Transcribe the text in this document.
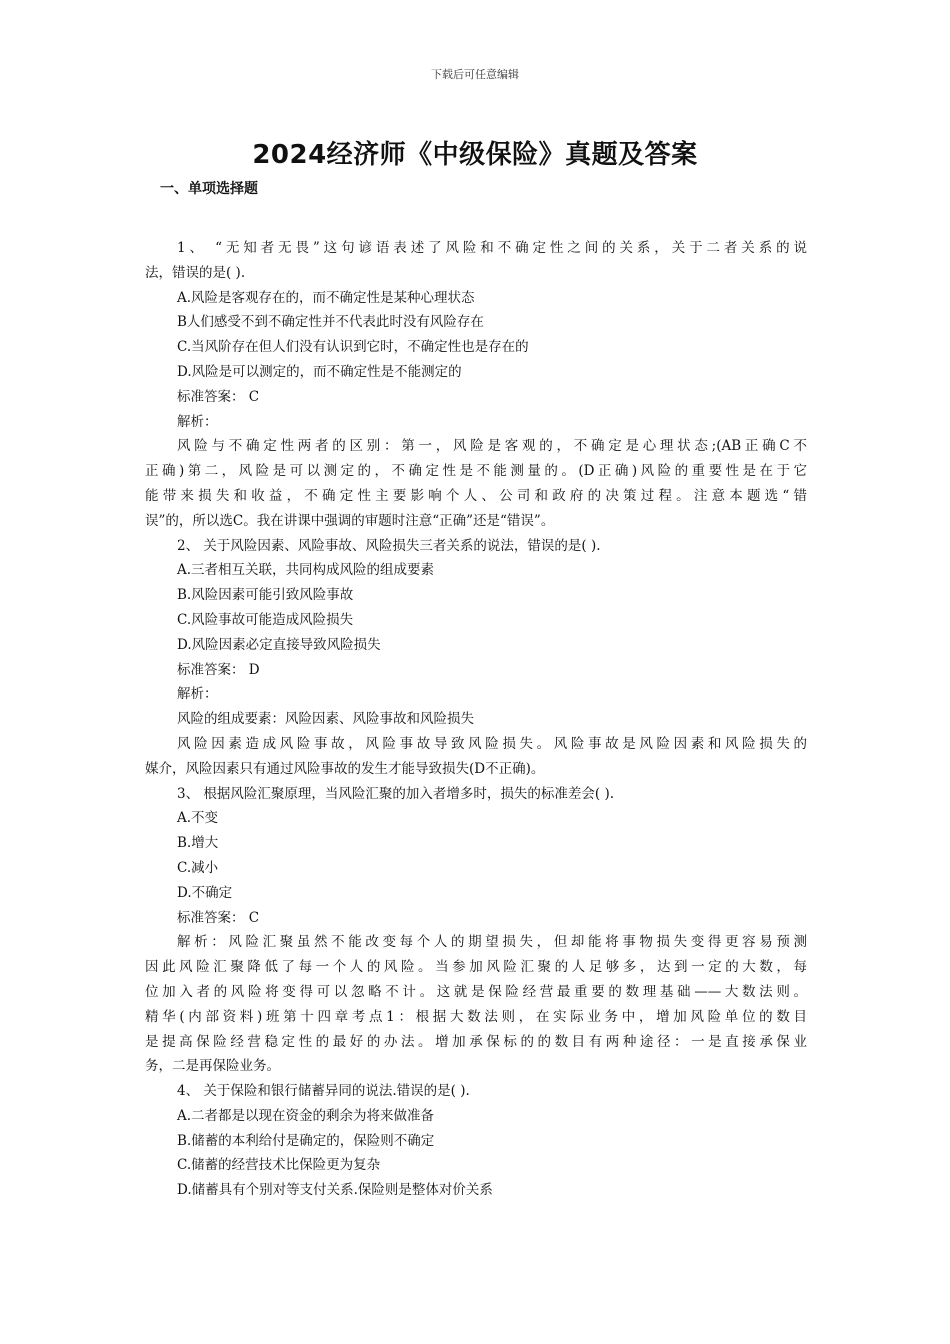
下载后可任意编辑
2024经济师《中级保险》真题及答案
一、单项选择题
1、 “无知者无畏”这句谚语表述了风险和不确定性之间的关系，关于二者关系的说
法，错误的是( ).
A.风险是客观存在的，而不确定性是某种心理状态
B人们感受不到不确定性并不代表此时没有风险存在
C.当风阶存在但人们没有认识到它时，不确定性也是存在的
D.风险是可以测定的，而不确定性是不能测定的
标准答案： C
解析：
风险与不确定性两者的区别：第一，风险是客观的，不确定是心理状态;(AB正确C不
正确)第二，风险是可以测定的，不确定性是不能测量的。(D正确)风险的重要性是在于它
能带来损失和收益，不确定性主要影响个人、公司和政府的决策过程。注意本题选“错
误”的，所以选C。我在讲课中强调的审题时注意“正确”还是“错误”。
2、 关于风险因素、风险事故、风险损失三者关系的说法，错误的是( ).
A.三者相互关联，共同构成风险的组成要素
B.风险因素可能引致风险事故
C.风险事故可能造成风险损失
D.风险因素必定直接导致风险损失
标准答案： D
解析：
风险的组成要素：风险因素、风险事故和风险损失
风险因素造成风险事故，风险事故导致风险损失。风险事故是风险因素和风险损失的
媒介，风险因素只有通过风险事故的发生才能导致损失(D不正确)。
3、 根据风险汇聚原理，当风险汇聚的加入者增多时，损失的标准差会( ).
A.不变
B.增大
C.减小
D.不确定
标准答案： C
解析：风险汇聚虽然不能改变每个人的期望损失，但却能将事物损失变得更容易预测
因此风险汇聚降低了每一个人的风险。当参加风险汇聚的人足够多，达到一定的大数，每
位加入者的风险将变得可以忽略不计。这就是保险经营最重要的数理基础——大数法则。
精华(内部资料)班第十四章考点1：根据大数法则，在实际业务中，增加风险单位的数目
是提高保险经营稳定性的最好的办法。增加承保标的的数目有两种途径：一是直接承保业
务，二是再保险业务。
4、 关于保险和银行储蓄异同的说法.错误的是( ).
A.二者都是以现在资金的剩余为将来做准备
B.储蓄的本利给付是确定的，保险则不确定
C.储蓄的经营技术比保险更为复杂
D.储蓄具有个别对等支付关系.保险则是整体对价关系
